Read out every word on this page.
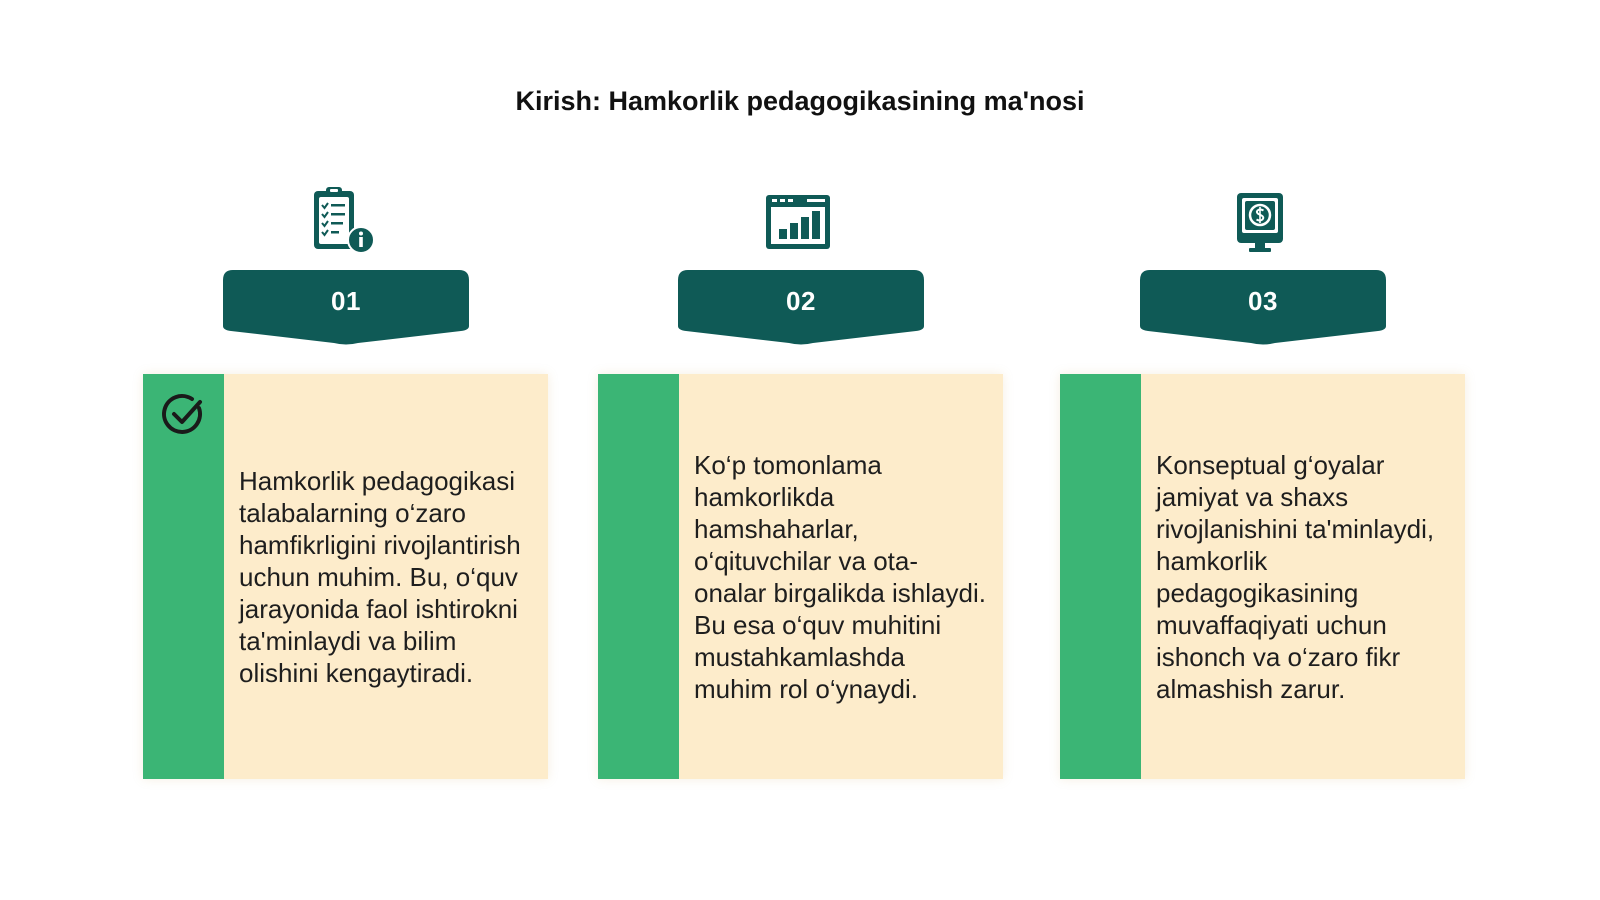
Kirish: Hamkorlik pedagogikasining ma'nosi
01

Hamkorlik pedagogikasi talabalarning o‘zaro hamfikrligini rivojlantirish uchun muhim. Bu, o‘quv jarayonida faol ishtirokni ta'minlaydi va bilim olishini kengaytiradi.

02

Ko‘p tomonlama hamkorlikda hamshaharlar, o‘qituvchilar va ota-onalar birgalikda ishlaydi. Bu esa o‘quv muhitini mustahkamlashda muhim rol o‘ynaydi.

03

Konseptual g‘oyalar jamiyat va shaxs rivojlanishini ta'minlaydi, hamkorlik pedagogikasining muvaffaqiyati uchun ishonch va o‘zaro fikr almashish zarur.
